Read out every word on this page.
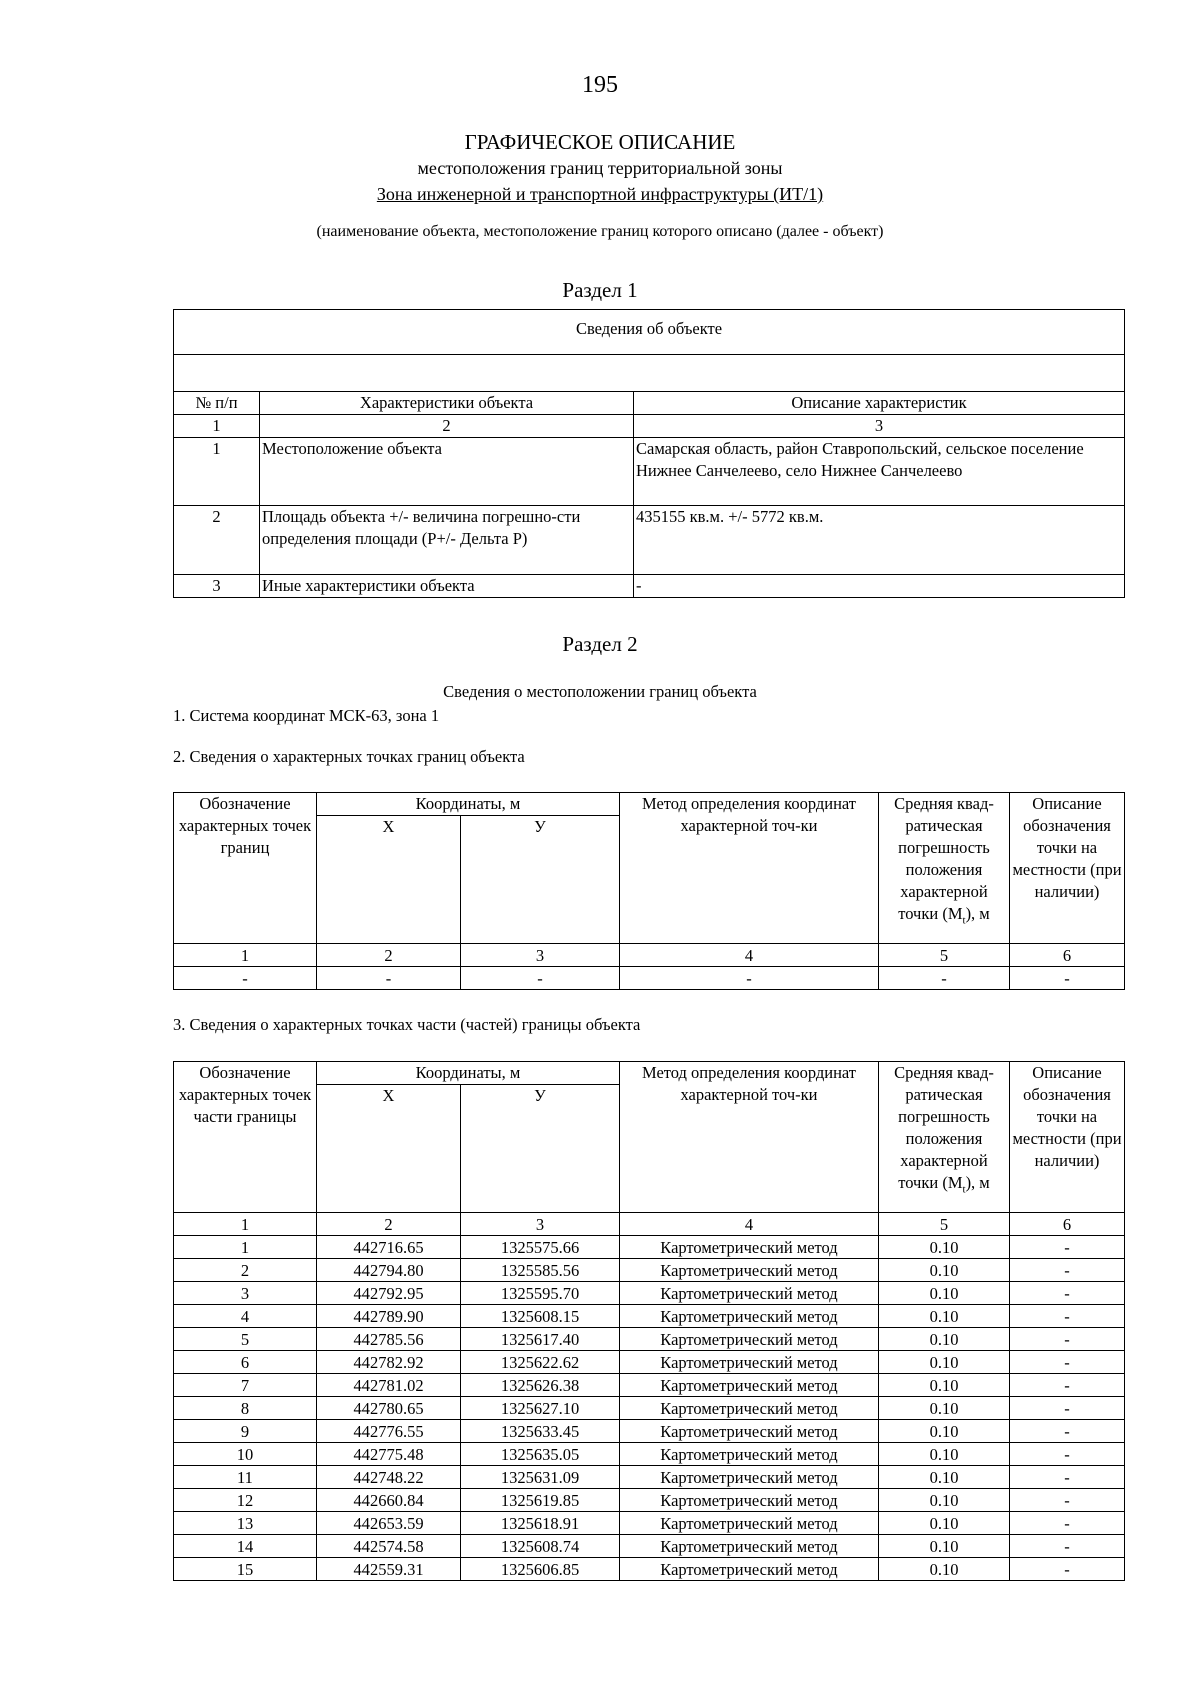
195
ГРАФИЧЕСКОЕ ОПИСАНИЕ
местоположения границ территориальной зоны
Зона инженерной и транспортной инфраструктуры (ИТ/1)
(наименование объекта, местоположение границ которого описано (далее - объект)
Раздел 1
Сведения об объекте		

№ п/п	Характеристики объекта	Описание характеристик
1	2	3
1	Местоположение объекта	Самарская область, район Ставропольский, сельское поселение Нижнее Санчелеево, село Нижнее Санчелеево
2	Площадь объекта +/- величина погрешно-сти определения площади (P+/- Дельта P)	435155 кв.м. +/- 5772 кв.м.
3	Иные характеристики объекта	-
Раздел 2
Сведения о местоположении границ объекта
1. Система координат МСК-63, зона 1
2. Сведения о характерных точках границ объекта
Обозначение характерных точек границ	Координаты, м		Метод определения координат характерной точ-ки	Средняя квад-ратическая погрешность положения характерной точки $(M_t)$, м	Описание обозначения точки на местности (при наличии)
	X	У			
1	2	3	4	5	6
-	-	-	-	-	-
3. Сведения о характерных точках части (частей) границы объекта
Обозначение характерных точек части границы	Координаты, м		Метод определения координат характерной точ-ки	Средняя квад-ратическая погрешность положения характерной точки $(M_t)$, м	Описание обозначения точки на местности (при наличии)
	X	У			
1	2	3	4	5	6
1	442716.65	1325575.66	Картометрический метод	0.10	-
2	442794.80	1325585.56	Картометрический метод	0.10	-
3	442792.95	1325595.70	Картометрический метод	0.10	-
4	442789.90	1325608.15	Картометрический метод	0.10	-
5	442785.56	1325617.40	Картометрический метод	0.10	-
6	442782.92	1325622.62	Картометрический метод	0.10	-
7	442781.02	1325626.38	Картометрический метод	0.10	-
8	442780.65	1325627.10	Картометрический метод	0.10	-
9	442776.55	1325633.45	Картометрический метод	0.10	-
10	442775.48	1325635.05	Картометрический метод	0.10	-
11	442748.22	1325631.09	Картометрический метод	0.10	-
12	442660.84	1325619.85	Картометрический метод	0.10	-
13	442653.59	1325618.91	Картометрический метод	0.10	-
14	442574.58	1325608.74	Картометрический метод	0.10	-
15	442559.31	1325606.85	Картометрический метод	0.10	-
